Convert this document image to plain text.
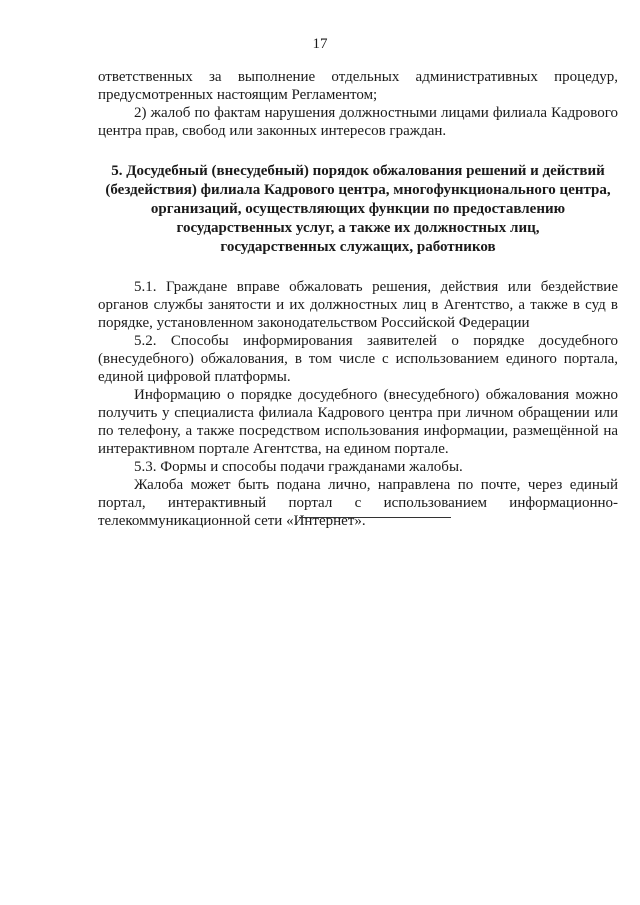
17

ответственных за выполнение отдельных административных процедур, предусмотренных настоящим Регламентом;

2) жалоб по фактам нарушения должностными лицами филиала Кадрового центра прав, свобод или законных интересов граждан.

5. Досудебный (внесудебный) порядок обжалования решений и действий
(бездействия) филиала Кадрового центра, многофункционального центра,
организаций, осуществляющих функции по предоставлению
государственных услуг, а также их должностных лиц,
государственных служащих, работников

5.1. Граждане вправе обжаловать решения, действия или бездействие органов службы занятости и их должностных лиц в Агентство, а также в суд в порядке, установленном законодательством Российской Федерации

5.2. Способы информирования заявителей о порядке досудебного (внесудебного) обжалования, в том числе с использованием единого портала, единой цифровой платформы.

Информацию о порядке досудебного (внесудебного) обжалования можно получить у специалиста филиала Кадрового центра при личном обращении или по телефону, а также посредством использования информации, размещённой на интерактивном портале Агентства, на едином портале.

5.3. Формы и способы подачи гражданами жалобы.

Жалоба может быть подана лично, направлена по почте, через единый портал, интерактивный портал с использованием информационно-телекоммуникационной сети «Интернет».
